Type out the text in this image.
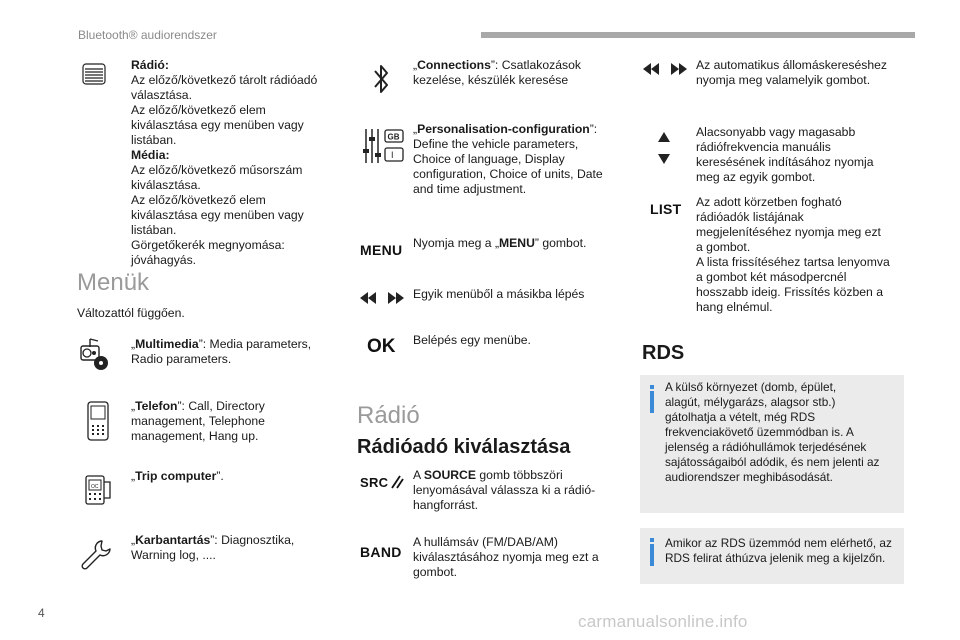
Bluetooth® audiorendszer
Rádió:
Az előző/következő tárolt rádióadó
választása.
Az előző/következő elem
kiválasztása egy menüben vagy
listában.
Média:
Az előző/következő műsorszám
kiválasztása.
Az előző/következő elem
kiválasztása egy menüben vagy
listában.
Görgetőkerék megnyomása:
jóváhagyás.
Menük
Változattól függően.
„Multimedia”: Media parameters,
Radio parameters.
„Telefon”: Call, Directory
management, Telephone
management, Hang up.
OC
„Trip computer”.
„Karbantartás”: Diagnosztika,
Warning log, ....
„Connections”: Csatlakozások
kezelése, készülék keresése
GB
I
„Personalisation-configuration”:
Define the vehicle parameters,
Choice of language, Display
configuration, Choice of units, Date
and time adjustment.
MENU Nyomja meg a „MENU” gombot.
Egyik menüből a másikba lépés
OK Belépés egy menübe.
Rádió
Rádióadó kiválasztása
SRC A SOURCE gomb többszöri
lenyomásával válassza ki a rádió-
hangforrást.
BAND
A hullámsáv (FM/DAB/AM)
kiválasztásához nyomja meg ezt a
gombot.
Az automatikus állomáskereséshez
nyomja meg valamelyik gombot.
Alacsonyabb vagy magasabb
rádiófrekvencia manuális
keresésének indításához nyomja
meg az egyik gombot.
LIST Az adott körzetben fogható
rádióadók listájának
megjelenítéséhez nyomja meg ezt
a gombot.
A lista frissítéséhez tartsa lenyomva
a gombot két másodpercnél
hosszabb ideig. Frissítés közben a
hang elnémul.
RDS
A külső környezet (domb, épület,
alagút, mélygarázs, alagsor stb.)
gátolhatja a vételt, még RDS
frekvenciakövető üzemmódban is. A
jelenség a rádióhullámok terjedésének
sajátosságaiból adódik, és nem jelenti az
audiorendszer meghibásodását.
Amikor az RDS üzemmód nem elérhető, az
RDS felirat áthúzva jelenik meg a kijelzőn.
4	carmanualsonline.info
